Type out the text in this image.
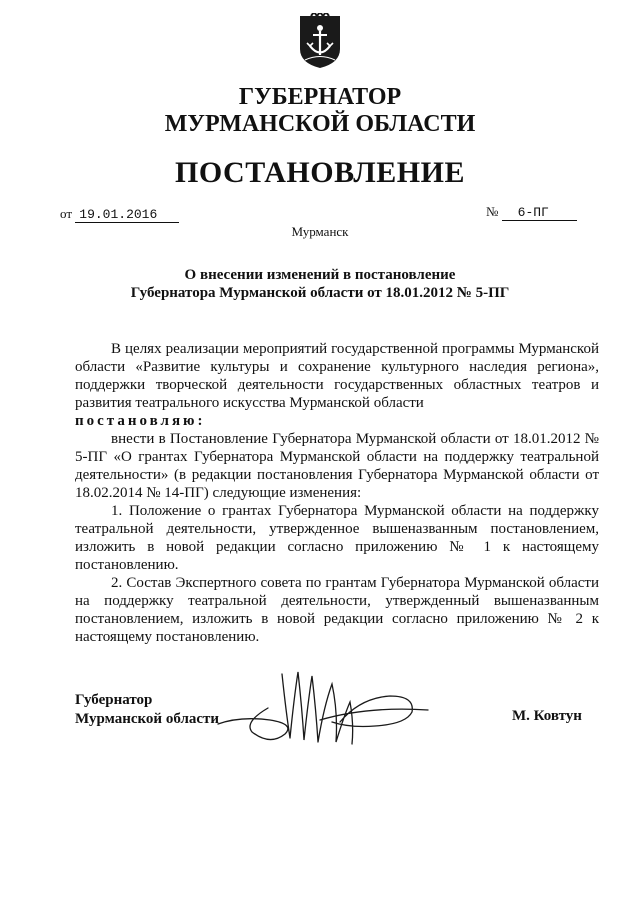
ГУБЕРНАТОР
МУРМАНСКОЙ ОБЛАСТИ
ПОСТАНОВЛЕНИЕ
от 19.01.2016	№ 6-ПГ
Мурманск
О внесении изменений в постановление
Губернатора Мурманской области от 18.01.2012 № 5-ПГ

В целях реализации мероприятий государственной программы Мурманской области «Развитие культуры и сохранение культурного наследия региона», поддержки творческой деятельности государственных областных театров и развития театрального искусства Мурманской области

постановляю:

внести в Постановление Губернатора Мурманской области от 18.01.2012 № 5-ПГ «О грантах Губернатора Мурманской области на поддержку театральной деятельности» (в редакции постановления Губернатора Мурманской области от 18.02.2014 № 14-ПГ) следующие изменения:

1. Положение о грантах Губернатора Мурманской области на поддержку театральной деятельности, утвержденное вышеназванным постановлением, изложить в новой редакции согласно приложению № 1 к настоящему постановлению.

2. Состав Экспертного совета по грантам Губернатора Мурманской области на поддержку театральной деятельности, утвержденный вышеназванным постановлением, изложить в новой редакции согласно приложению № 2 к настоящему постановлению.

Губернатор
Мурманской области	М. Ковтун
